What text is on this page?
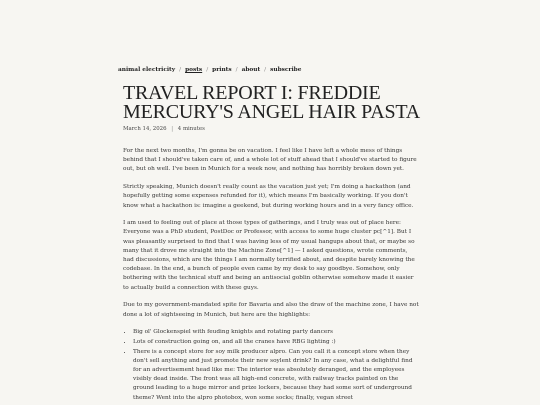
animal electricity / posts / prints / about / subscribe
TRAVEL REPORT I: FREDDIE MERCURY'S ANGEL HAIR PASTA
March 14, 2026 | 4 minutes

For the next two months, I'm gonna be on vacation. I feel like I have left a whole mess of things behind that I should've taken care of, and a whole lot of stuff ahead that I should've started to figure out, but oh well. I've been in Munich for a week now, and nothing has horribly broken down yet.

Strictly speaking, Munich doesn't really count as the vacation just yet; I'm doing a hackathon (and hopefully getting some expenses refunded for it), which means I'm basically working. If you don't know what a hackathon is: imagine a geekend, but during working hours and in a very fancy office.

I am used to feeling out of place at those types of gatherings, and I truly was out of place here: Everyone was a PhD student, PostDoc or Professor, with access to some huge cluster pc[^1]. But I was pleasantly surprised to find that I was having less of my usual hangups about that, or maybe so many that it drove me straight into the Machine Zone[^1] — I asked questions, wrote comments, had discussions, which are the things I am normally terrified about, and despite barely knowing the codebase. In the end, a bunch of people even came by my desk to say goodbye. Somehow, only bothering with the technical stuff and being an antisocial goblin otherwise somehow made it easier to actually build a connection with these guys.

Due to my government-mandated spite for Bavaria and also the draw of the machine zone, I have not done a lot of sightseeing in Munich, but here are the highlights:

• Big ol' Glockenspiel with feuding knights and rotating party dancers
• Lots of construction going on, and all the cranes have RBG lighting :)
• There is a concept store for soy milk producer alpro. Can you call it a concept store when they don't sell anything and just promote their new soylent drink? In any case, what a delightful find for an advertisement head like me: The interior was absolutely deranged, and the employees visibly dead inside. The front was all high-end concrete, with railway tracks painted on the ground leading to a huge mirror and prize lockers, because they had some sort of underground theme? Went into the alpro photobox, won some socks; finally, vegan street
